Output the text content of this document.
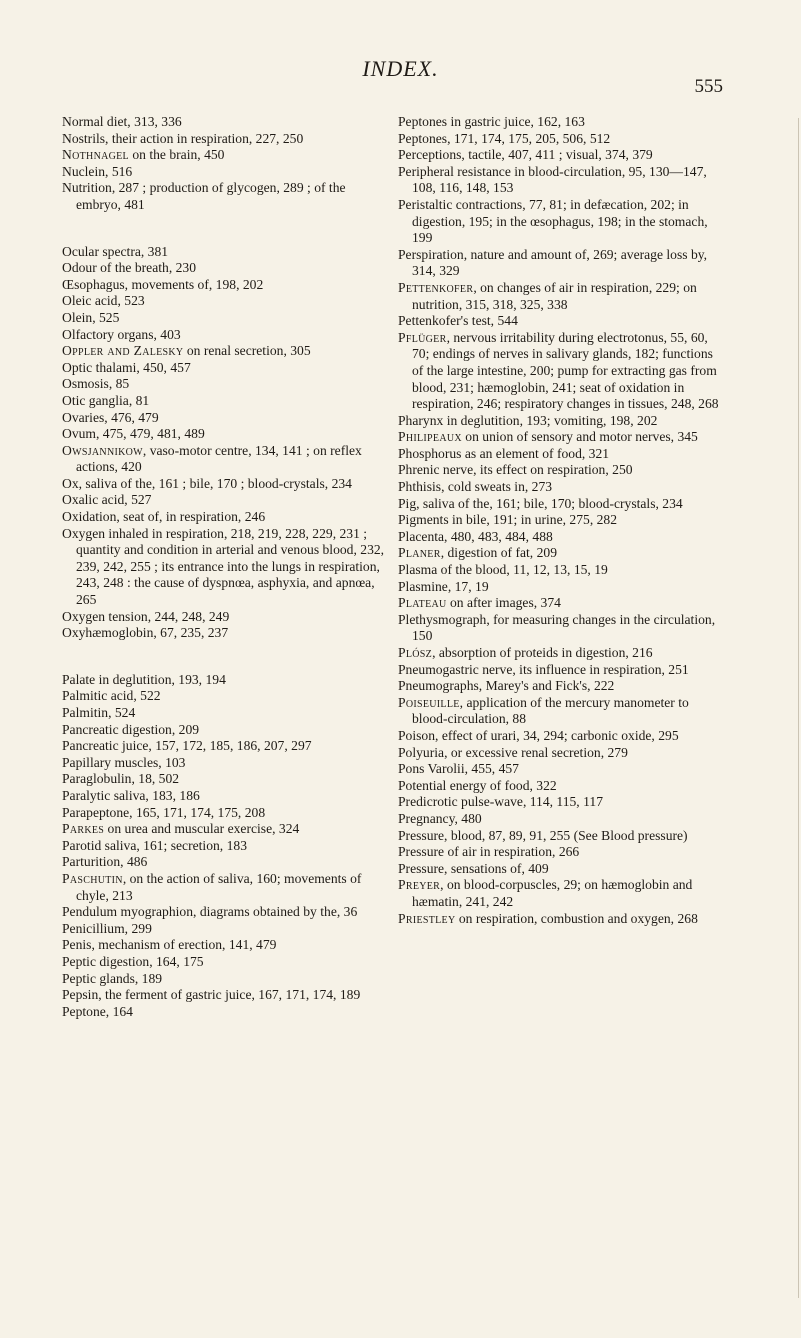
INDEX.
555

Normal diet, 313, 336

Nostrils, their action in respiration, 227, 250

Nothnagel on the brain, 450

Nuclein, 516

Nutrition, 287 ; production of glycogen, 289 ; of the embryo, 481

Ocular spectra, 381

Odour of the breath, 230

Œsophagus, movements of, 198, 202

Oleic acid, 523

Olein, 525

Olfactory organs, 403

Oppler and Zalesky on renal secretion, 305

Optic thalami, 450, 457

Osmosis, 85

Otic ganglia, 81

Ovaries, 476, 479

Ovum, 475, 479, 481, 489

Owsjannikow, vaso-motor centre, 134, 141 ; on reflex actions, 420

Ox, saliva of the, 161 ; bile, 170 ; blood-crystals, 234

Oxalic acid, 527

Oxidation, seat of, in respiration, 246

Oxygen inhaled in respiration, 218, 219, 228, 229, 231 ; quantity and condition in arterial and venous blood, 232, 239, 242, 255 ; its entrance into the lungs in respiration, 243, 248 : the cause of dyspnœa, asphyxia, and apnœa, 265

Oxygen tension, 244, 248, 249

Oxyhæmoglobin, 67, 235, 237

Palate in deglutition, 193, 194

Palmitic acid, 522

Palmitin, 524

Pancreatic digestion, 209

Pancreatic juice, 157, 172, 185, 186, 207, 297

Papillary muscles, 103

Paraglobulin, 18, 502

Paralytic saliva, 183, 186

Parapeptone, 165, 171, 174, 175, 208

Parkes on urea and muscular exercise, 324

Parotid saliva, 161; secretion, 183

Parturition, 486

Paschutin, on the action of saliva, 160; movements of chyle, 213

Pendulum myographion, diagrams obtained by the, 36

Penicillium, 299

Penis, mechanism of erection, 141, 479

Peptic digestion, 164, 175

Peptic glands, 189

Pepsin, the ferment of gastric juice, 167, 171, 174, 189

Peptone, 164

Peptones in gastric juice, 162, 163

Peptones, 171, 174, 175, 205, 506, 512

Perceptions, tactile, 407, 411 ; visual, 374, 379

Peripheral resistance in blood-circulation, 95, 130—147, 108, 116, 148, 153

Peristaltic contractions, 77, 81; in defæcation, 202; in digestion, 195; in the œsophagus, 198; in the stomach, 199

Perspiration, nature and amount of, 269; average loss by, 314, 329

Pettenkofer, on changes of air in respiration, 229; on nutrition, 315, 318, 325, 338

Pettenkofer's test, 544

Pflüger, nervous irritability during electrotonus, 55, 60, 70; endings of nerves in salivary glands, 182; functions of the large intestine, 200; pump for extracting gas from blood, 231; hæmoglobin, 241; seat of oxidation in respiration, 246; respiratory changes in tissues, 248, 268

Pharynx in deglutition, 193; vomiting, 198, 202

Philipeaux on union of sensory and motor nerves, 345

Phosphorus as an element of food, 321

Phrenic nerve, its effect on respiration, 250

Phthisis, cold sweats in, 273

Pig, saliva of the, 161; bile, 170; blood-crystals, 234

Pigments in bile, 191; in urine, 275, 282

Placenta, 480, 483, 484, 488

Planer, digestion of fat, 209

Plasma of the blood, 11, 12, 13, 15, 19

Plasmine, 17, 19

Plateau on after images, 374

Plethysmograph, for measuring changes in the circulation, 150

Plósz, absorption of proteids in digestion, 216

Pneumogastric nerve, its influence in respiration, 251

Pneumographs, Marey's and Fick's, 222

Poiseuille, application of the mercury manometer to blood-circulation, 88

Poison, effect of urari, 34, 294; carbonic oxide, 295

Polyuria, or excessive renal secretion, 279

Pons Varolii, 455, 457

Potential energy of food, 322

Predicrotic pulse-wave, 114, 115, 117

Pregnancy, 480

Pressure, blood, 87, 89, 91, 255 (See Blood pressure)

Pressure of air in respiration, 266

Pressure, sensations of, 409

Preyer, on blood-corpuscles, 29; on hæmoglobin and hæmatin, 241, 242

Priestley on respiration, combustion and oxygen, 268
